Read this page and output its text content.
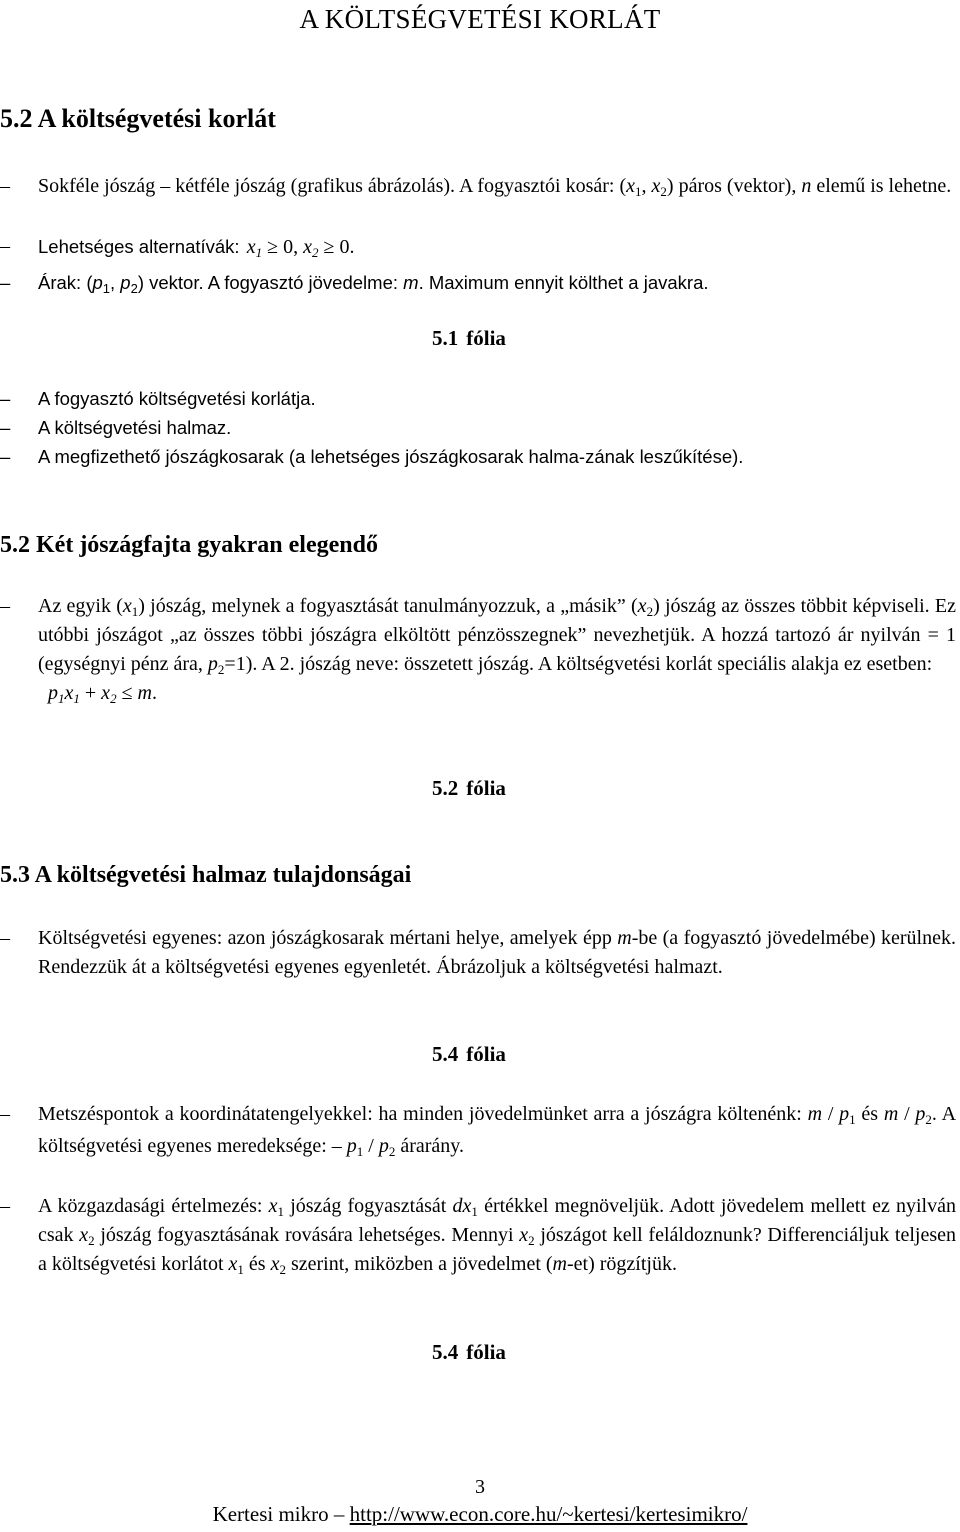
A KÖLTSÉGVETÉSI KORLÁT
5.2 A költségvetési korlát
–	Sokféle jószág – kétféle jószág (grafikus ábrázolás). A fogyasztói kosár: ($x_1$, $x_2$) páros (vektor), n elemű is lehetne.
–	Lehetséges alternatívák: $x_1 \ge 0$, $x_2 \ge 0$.
–	Árak: ($p_1$, $p_2$) vektor. A fogyasztó jövedelme: m. Maximum ennyit költhet a javakra.
5.1 fólia
–	A fogyasztó költségvetési korlátja.
–	A költségvetési halmaz.
–	A megfizethető jószágkosarak (a lehetséges jószágkosarak halma-zának leszűkítése).
5.2 Két jószágfajta gyakran elegendő
–	Az egyik $(x_1)$ jószág, melynek a fogyasztását tanulmányozzuk, a „másik” $(x_2)$ jószág az összes többit képviseli. Ez utóbbi jószágot „az összes többi jószágra elköltött pénzösszegnek” nevezhetjük. A hozzá tartozó ár nyilván = 1 (egységnyi pénz ára, $p_2=1$). A 2. jószág neve: összetett jószág. A költségvetési korlát speciális alakja ez esetben:
$p_1x_1 + x_2 \le m$.
5.2 fólia
5.3 A költségvetési halmaz tulajdonságai
–	Költségvetési egyenes: azon jószágkosarak mértani helye, amelyek épp m-be (a fogyasztó jövedelmébe) kerülnek. Rendezzük át a költségvetési egyenes egyenletét. Ábrázoljuk a költségvetési halmazt.
5.4 fólia
–	Metszéspontok a koordinátatengelyekkel: ha minden jövedelmünket arra a jószágra költenénk: m / $p_1$ és m / $p_2$. A költségvetési egyenes meredeksége: – $p_1 / p_2$ árarány.
–	A közgazdasági értelmezés: $x_1$ jószág fogyasztását $dx_1$ értékkel megnöveljük. Adott jövedelem mellett ez nyilván csak $x_2$ jószág fogyasztásának rovására lehetséges. Mennyi $x_2$ jószágot kell feláldoznunk? Differenciáljuk teljesen a költségvetési korlátot $x_1$ és $x_2$ szerint, miközben a jövedelmet (m-et) rögzítjük.
5.4 fólia
3
Kertesi mikro – http://www.econ.core.hu/~kertesi/kertesimikro/
